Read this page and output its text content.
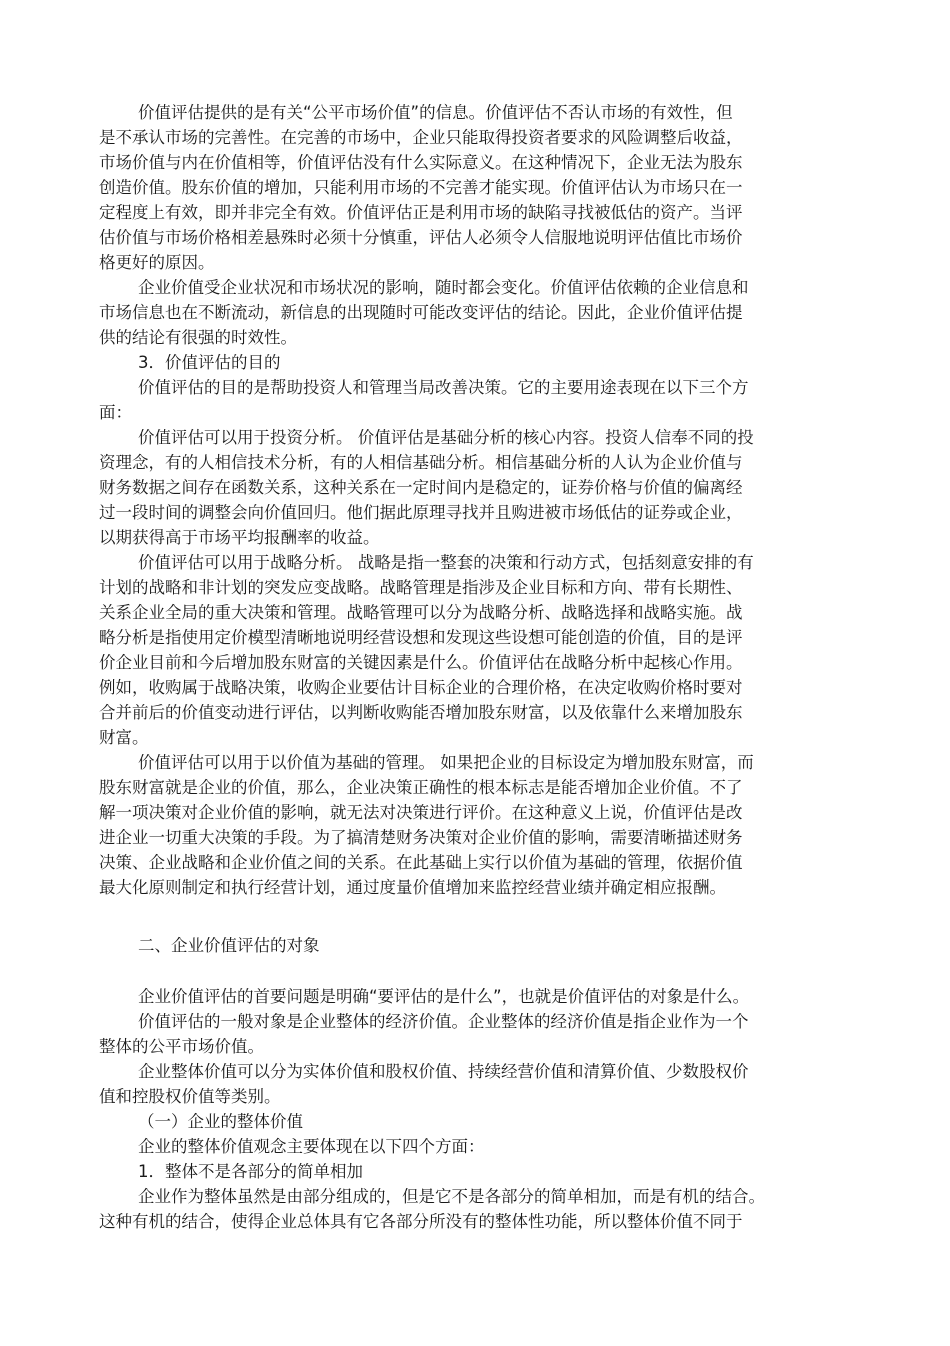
价值评估提供的是有关“公平市场价值”的信息。价值评估不否认市场的有效性，但
是不承认市场的完善性。在完善的市场中，企业只能取得投资者要求的风险调整后收益，
市场价值与内在价值相等，价值评估没有什么实际意义。在这种情况下，企业无法为股东
创造价值。股东价值的增加，只能利用市场的不完善才能实现。价值评估认为市场只在一
定程度上有效，即并非完全有效。价值评估正是利用市场的缺陷寻找被低估的资产。当评
估价值与市场价格相差悬殊时必须十分慎重，评估人必须令人信服地说明评估值比市场价
格更好的原因。
企业价值受企业状况和市场状况的影响，随时都会变化。价值评估依赖的企业信息和
市场信息也在不断流动，新信息的出现随时可能改变评估的结论。因此，企业价值评估提
供的结论有很强的时效性。
3．价值评估的目的
价值评估的目的是帮助投资人和管理当局改善决策。它的主要用途表现在以下三个方
面：
价值评估可以用于投资分析。 价值评估是基础分析的核心内容。投资人信奉不同的投
资理念，有的人相信技术分析，有的人相信基础分析。相信基础分析的人认为企业价值与
财务数据之间存在函数关系，这种关系在一定时间内是稳定的，证券价格与价值的偏离经
过一段时间的调整会向价值回归。他们据此原理寻找并且购进被市场低估的证券或企业，
以期获得高于市场平均报酬率的收益。
价值评估可以用于战略分析。 战略是指一整套的决策和行动方式，包括刻意安排的有
计划的战略和非计划的突发应变战略。战略管理是指涉及企业目标和方向、带有长期性、
关系企业全局的重大决策和管理。战略管理可以分为战略分析、战略选择和战略实施。战
略分析是指使用定价模型清晰地说明经营设想和发现这些设想可能创造的价值，目的是评
价企业目前和今后增加股东财富的关键因素是什么。价值评估在战略分析中起核心作用。
例如，收购属于战略决策，收购企业要估计目标企业的合理价格，在决定收购价格时要对
合并前后的价值变动进行评估，以判断收购能否增加股东财富，以及依靠什么来增加股东
财富。
价值评估可以用于以价值为基础的管理。 如果把企业的目标设定为增加股东财富，而
股东财富就是企业的价值，那么，企业决策正确性的根本标志是能否增加企业价值。不了
解一项决策对企业价值的影响，就无法对决策进行评价。在这种意义上说，价值评估是改
进企业一切重大决策的手段。为了搞清楚财务决策对企业价值的影响，需要清晰描述财务
决策、企业战略和企业价值之间的关系。在此基础上实行以价值为基础的管理，依据价值
最大化原则制定和执行经营计划，通过度量价值增加来监控经营业绩并确定相应报酬。
二、企业价值评估的对象
企业价值评估的首要问题是明确“要评估的是什么”，也就是价值评估的对象是什么。
价值评估的一般对象是企业整体的经济价值。企业整体的经济价值是指企业作为一个
整体的公平市场价值。
企业整体价值可以分为实体价值和股权价值、持续经营价值和清算价值、少数股权价
值和控股权价值等类别。
（一）企业的整体价值
企业的整体价值观念主要体现在以下四个方面：
1．整体不是各部分的简单相加
企业作为整体虽然是由部分组成的，但是它不是各部分的简单相加，而是有机的结合。
这种有机的结合，使得企业总体具有它各部分所没有的整体性功能，所以整体价值不同于
